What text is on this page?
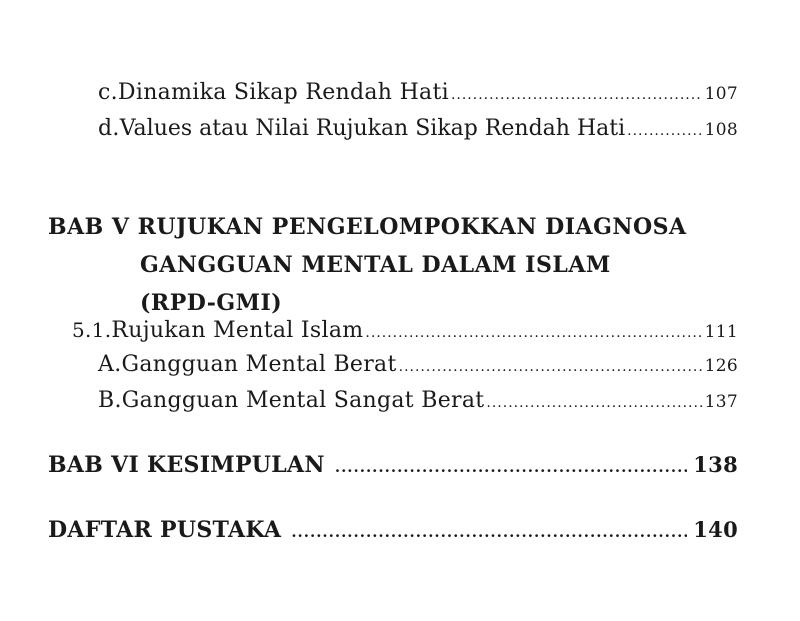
c. Dinamika Sikap Rendah Hati .....	107
d. Values atau Nilai Rujukan Sikap Rendah Hati .....	108
BAB V RUJUKAN PENGELOMPOKKAN DIAGNOSA
GANGGUAN MENTAL DALAM ISLAM
(RPD-GMI)
5.1. Rujukan Mental Islam .....	111
A. Gangguan Mental Berat .....	126
B. Gangguan Mental Sangat Berat .....	137
BAB VI KESIMPULAN .....	138
DAFTAR PUSTAKA .....	140
